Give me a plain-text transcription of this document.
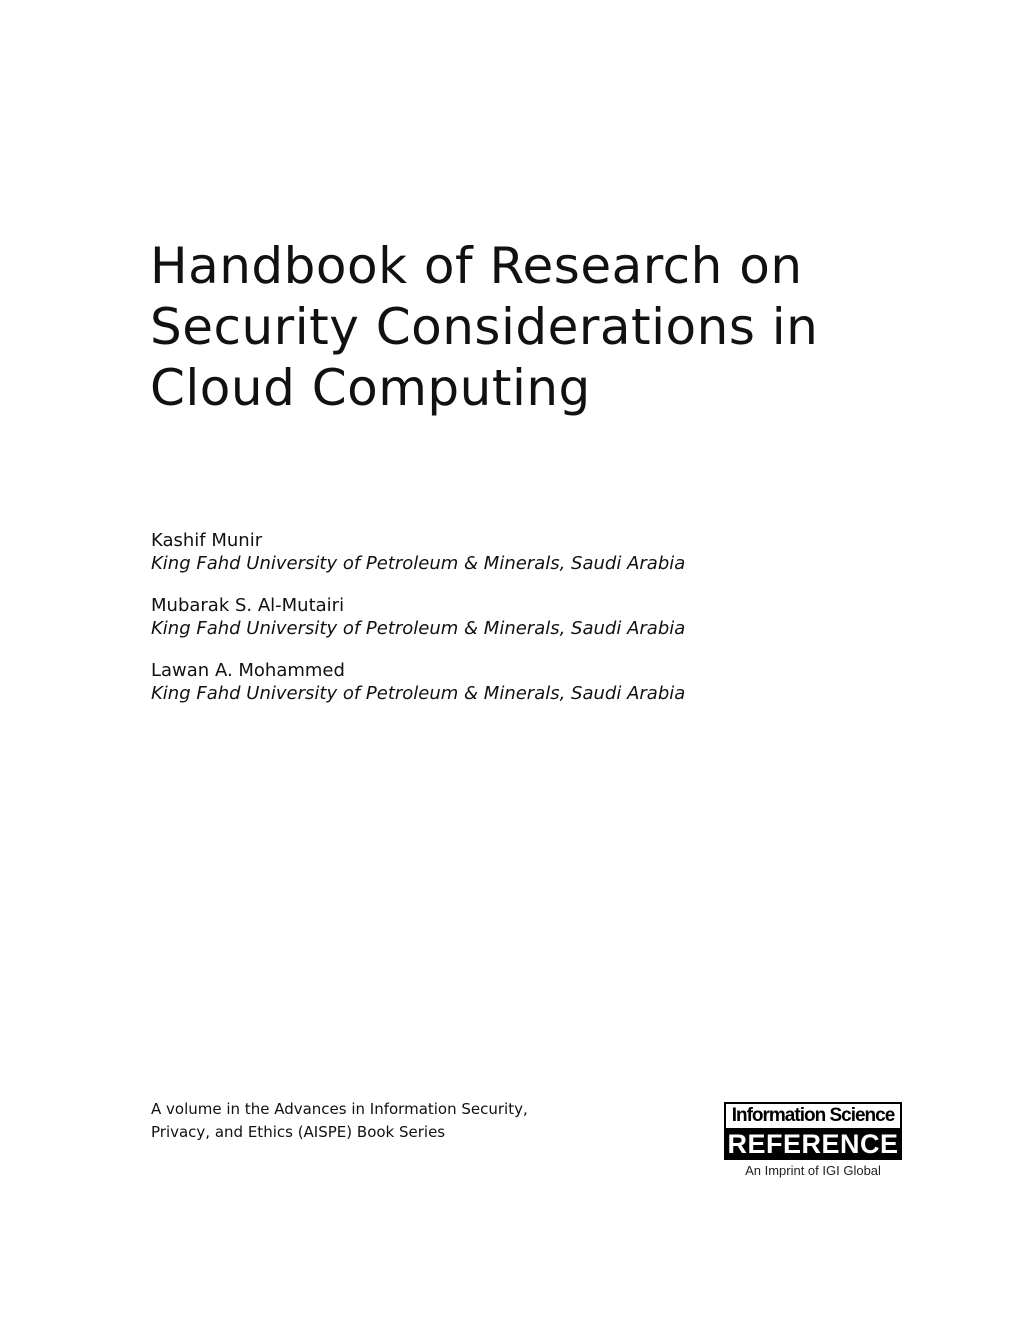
Handbook of Research on
Security Considerations in
Cloud Computing
Kashif Munir
King Fahd University of Petroleum & Minerals, Saudi Arabia
Mubarak S. Al-Mutairi
King Fahd University of Petroleum & Minerals, Saudi Arabia
Lawan A. Mohammed
King Fahd University of Petroleum & Minerals, Saudi Arabia
A volume in the Advances in Information Security,
Privacy, and Ethics (AISPE) Book Series
Information Science
REFERENCE
An Imprint of IGI Global
